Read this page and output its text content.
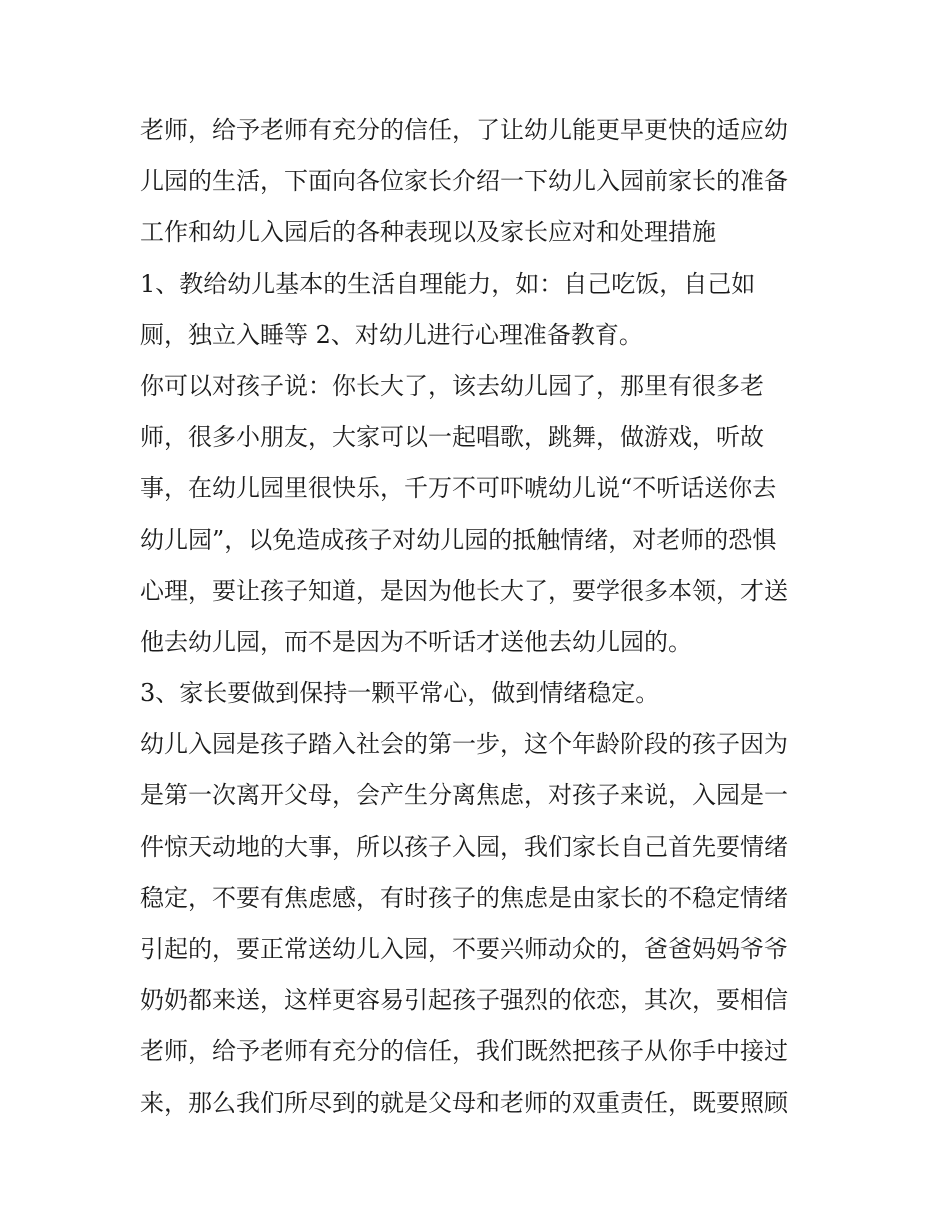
老师，给予老师有充分的信任，了让幼儿能更早更快的适应幼
儿园的生活，下面向各位家长介绍一下幼儿入园前家长的准备
工作和幼儿入园后的各种表现以及家长应对和处理措施
1、教给幼儿基本的生活自理能力，如：自己吃饭，自己如
厕，独立入睡等 2、对幼儿进行心理准备教育。
你可以对孩子说：你长大了，该去幼儿园了，那里有很多老
师，很多小朋友，大家可以一起唱歌，跳舞，做游戏，听故
事，在幼儿园里很快乐，千万不可吓唬幼儿说“不听话送你去
幼儿园”，以免造成孩子对幼儿园的抵触情绪，对老师的恐惧
心理，要让孩子知道，是因为他长大了，要学很多本领，才送
他去幼儿园，而不是因为不听话才送他去幼儿园的。
3、家长要做到保持一颗平常心，做到情绪稳定。
幼儿入园是孩子踏入社会的第一步，这个年龄阶段的孩子因为
是第一次离开父母，会产生分离焦虑，对孩子来说，入园是一
件惊天动地的大事，所以孩子入园，我们家长自己首先要情绪
稳定，不要有焦虑感，有时孩子的焦虑是由家长的不稳定情绪
引起的，要正常送幼儿入园，不要兴师动众的，爸爸妈妈爷爷
奶奶都来送，这样更容易引起孩子强烈的依恋，其次，要相信
老师，给予老师有充分的信任，我们既然把孩子从你手中接过
来，那么我们所尽到的就是父母和老师的双重责任，既要照顾
